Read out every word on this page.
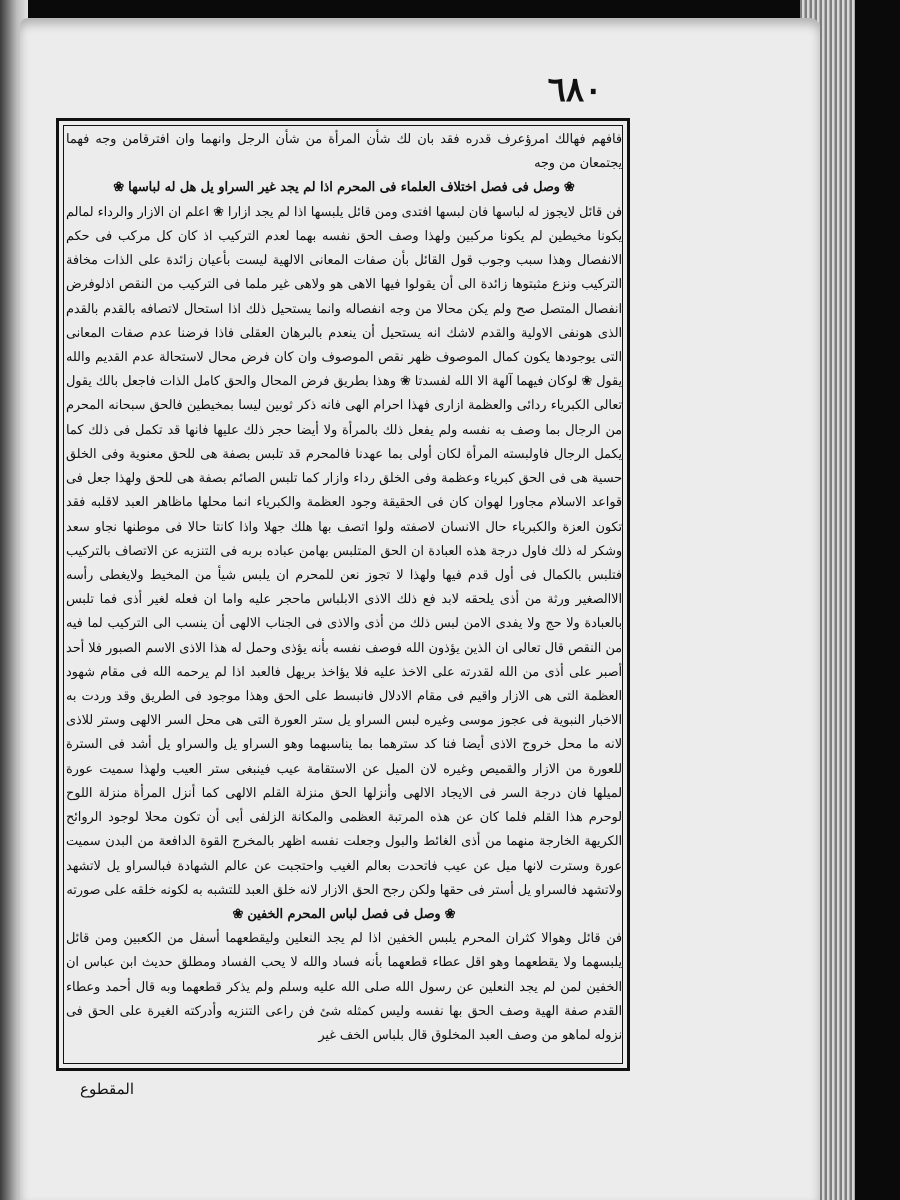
٦٨٠

فافهم فهالك امرؤعرف قدره فقد بان لك شأن المرأة من شأن الرجل وانهما وان افترقامن وجه فهما يجتمعان من وجه

❀وصل فى فصل اختلاف العلماء فى المحرم اذا لم يجد غير السراو يل هل له لباسها❀

فن قائل لايجوز له لباسها فان لبسها افتدى ومن قائل يلبسها اذا لم يجد ازارا ❀ اعلم ان الازار والرداء لمالم يكونا مخيطين لم يكونا مركبين ولهذا وصف الحق نفسه بهما لعدم التركيب اذ كان كل مركب فى حكم الانفصال وهذا سبب وجوب قول القائل بأن صفات المعانى الالهية ليست بأعيان زائدة على الذات مخافة التركيب ونزع مثبتوها زائدة الى أن يقولوا فيها الاهى هو ولاهى غير ملما فى التركيب من النقص اذلوفرض انفصال المتصل صح ولم يكن محالا من وجه انفصاله وانما يستحيل ذلك اذا استحال لاتصافه بالقدم بالقدم الذى هونفى الاولية والقدم لاشك انه يستحيل أن ينعدم بالبرهان العقلى فاذا فرضنا عدم صفات المعانى التى يوجودها يكون كمال الموصوف ظهر نقص الموصوف وان كان فرض محال لاستحالة عدم القديم والله يقول ❀ لوكان فيهما آلهة الا الله لفسدتا ❀ وهذا بطريق فرض المحال والحق كامل الذات فاجعل بالك يقول تعالى الكبرياء ردائى والعظمة ازارى فهذا احرام الهى فانه ذكر ثوبين ليسا بمخيطين فالحق سبحانه المحرم من الرجال بما وصف به نفسه ولم يفعل ذلك بالمرأة ولا أيضا حجر ذلك عليها فانها قد تكمل فى ذلك كما يكمل الرجال فاولبسته المرأة لكان أولى بما عهدنا فالمحرم قد تلبس بصفة هى للحق معنوية وفى الخلق حسية هى فى الحق كبرياء وعظمة وفى الخلق رداء وازار كما تلبس الصائم بصفة هى للحق ولهذا جعل فى قواعد الاسلام مجاورا لهوان كان فى الحقيقة وجود العظمة والكبرياء انما محلها ماظاهر العبد لاقلبه فقد تكون العزة والكبرياء حال الانسان لاصفته ولوا اتصف بها هلك جهلا واذا كانتا حالا فى موطنها نجاو سعد وشكر له ذلك فاول درجة هذه العبادة ان الحق المتلبس بهامن عباده بربه فى التنزيه عن الاتصاف بالتركيب فتلبس بالكمال فى أول قدم فيها ولهذا لا تجوز نعن للمحرم ان يلبس شيأ من المخيط ولايغطى رأسه الاالصغير ورثة من أذى يلحقه لابد فع ذلك الاذى الابلباس ماحجر عليه واما ان فعله لغير أذى فما تلبس بالعبادة ولا حج ولا يفدى الامن لبس ذلك من أذى والاذى فى الجناب الالهى أن ينسب الى التركيب لما فيه من النقص قال تعالى ان الذين يؤذون الله فوصف نفسه بأنه يؤذى وحمل له هذا الاذى الاسم الصبور فلا أحد أصبر على أذى من الله لقدرته على الاخذ عليه فلا يؤاخذ بريهل فالعبد اذا لم يرحمه الله فى مقام شهود العظمة التى هى الازار واقيم فى مقام الادلال فانبسط على الحق وهذا موجود فى الطريق وقد وردت به الاخبار النبوية فى عجوز موسى وغيره لبس السراو يل ستر العورة التى هى محل السر الالهى وستر للاذى لانه ما محل خروج الاذى أيضا فنا كد سترهما بما يناسبهما وهو السراو يل والسراو يل أشد فى السترة للعورة من الازار والقميص وغيره لان الميل عن الاستقامة عيب فينبغى ستر العيب ولهذا سميت عورة لميلها فان درجة السر فى الايجاد الالهى وأنزلها الحق منزلة القلم الالهى كما أنزل المرأة منزلة اللوح لوحرم هذا القلم فلما كان عن هذه المرتبة العظمى والمكانة الزلفى أبى أن تكون محلا لوجود الروائح الكريهة الخارجة منهما من أذى الغائط والبول وجعلت نفسه اظهر بالمخرج القوة الدافعة من البدن سميت عورة وسترت لانها ميل عن عيب فاتحدت بعالم الغيب واحتجبت عن عالم الشهادة فبالسراو يل لاتشهد ولاتشهد فالسراو يل أستر فى حقها ولكن رجح الحق الازار لانه خلق العبد للتشبه به لكونه خلقه على صورته

❀وصل فى فصل لباس المحرم الخفين❀

فن قائل وهوالا كثران المحرم يلبس الخفين اذا لم يجد النعلين وليقطعهما أسفل من الكعبين ومن قائل يلبسهما ولا يقطعهما وهو اقل عطاء قطعهما بأنه فساد والله لا يحب الفساد ومطلق حديث ابن عباس ان الخفين لمن لم يجد النعلين عن رسول الله صلى الله عليه وسلم ولم يذكر قطعهما وبه قال أحمد وعطاء القدم صفة الهية وصف الحق بها نفسه وليس كمثله شئ فن راعى التنزيه وأدركته الغيرة على الحق فى نزوله لماهو من وصف العبد المخلوق قال بلباس الخف غير

المقطوع
